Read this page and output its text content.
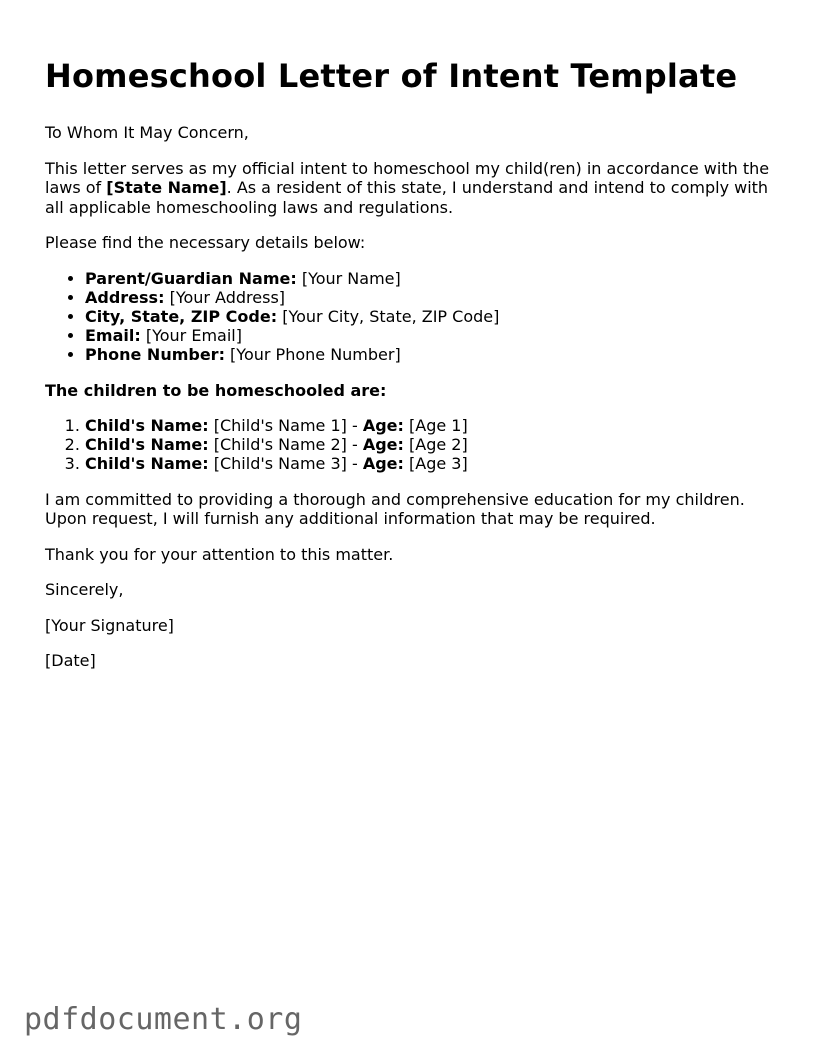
Homeschool Letter of Intent Template

To Whom It May Concern,

This letter serves as my official intent to homeschool my child(ren) in accordance with the laws of [State Name]. As a resident of this state, I understand and intend to comply with all applicable homeschooling laws and regulations.

Please find the necessary details below:

• Parent/Guardian Name: [Your Name]
• Address: [Your Address]
• City, State, ZIP Code: [Your City, State, ZIP Code]
• Email: [Your Email]
• Phone Number: [Your Phone Number]

The children to be homeschooled are:

1. Child's Name: [Child's Name 1] - Age: [Age 1]
2. Child's Name: [Child's Name 2] - Age: [Age 2]
3. Child's Name: [Child's Name 3] - Age: [Age 3]

I am committed to providing a thorough and comprehensive education for my children. Upon request, I will furnish any additional information that may be required.

Thank you for your attention to this matter.

Sincerely,

[Your Signature]

[Date]

pdfdocument.org
